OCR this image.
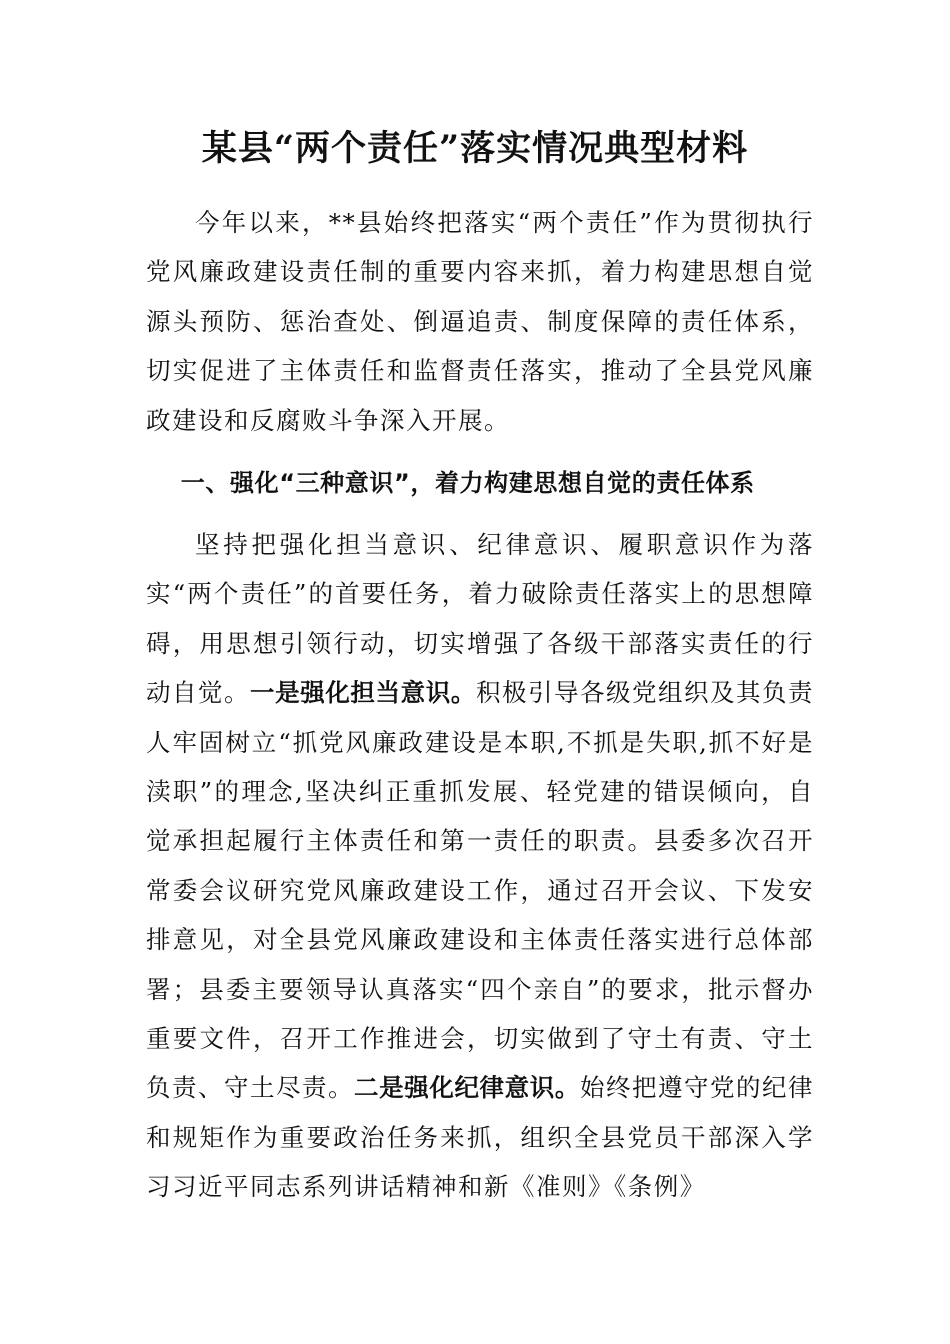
某县“两个责任”落实情况典型材料

今年以来，**县始终把落实“两个责任”作为贯彻执行党风廉政建设责任制的重要内容来抓，着力构建思想自觉源头预防、惩治查处、倒逼追责、制度保障的责任体系，切实促进了主体责任和监督责任落实，推动了全县党风廉政建设和反腐败斗争深入开展。

一、强化“三种意识”，着力构建思想自觉的责任体系

坚持把强化担当意识、纪律意识、履职意识作为落实“两个责任”的首要任务，着力破除责任落实上的思想障碍，用思想引领行动，切实增强了各级干部落实责任的行动自觉。一是强化担当意识。积极引导各级党组织及其负责人牢固树立“抓党风廉政建设是本职,不抓是失职,抓不好是渎职”的理念,坚决纠正重抓发展、轻党建的错误倾向，自觉承担起履行主体责任和第一责任的职责。县委多次召开常委会议研究党风廉政建设工作，通过召开会议、下发安排意见，对全县党风廉政建设和主体责任落实进行总体部署；县委主要领导认真落实“四个亲自”的要求，批示督办重要文件，召开工作推进会，切实做到了守土有责、守土负责、守土尽责。二是强化纪律意识。始终把遵守党的纪律和规矩作为重要政治任务来抓，组织全县党员干部深入学习习近平同志系列讲话精神和新《准则》《条例》
